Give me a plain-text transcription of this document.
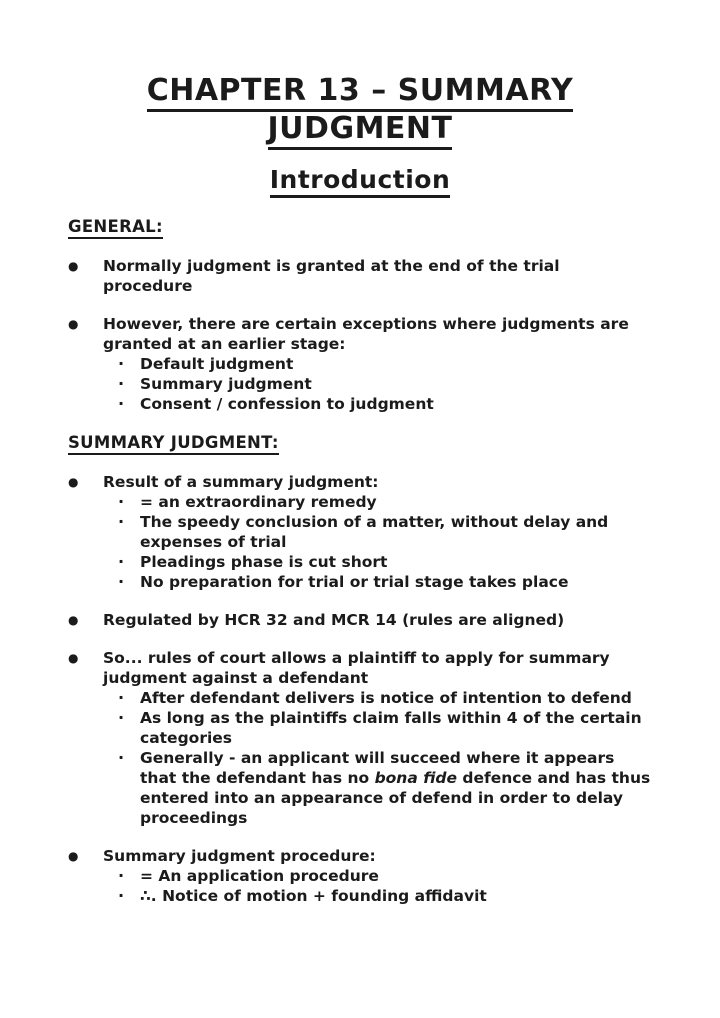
CHAPTER 13 – SUMMARY
JUDGMENT
Introduction
GENERAL:
●	Normally judgment is granted at the end of the trial procedure
●	However, there are certain exceptions where judgments are granted at an earlier stage:
·	Default judgment
·	Summary judgment
·	Consent / confession to judgment
SUMMARY JUDGMENT:
●	Result of a summary judgment:
·	= an extraordinary remedy
·	The speedy conclusion of a matter, without delay and expenses of trial
·	Pleadings phase is cut short
·	No preparation for trial or trial stage takes place
●	Regulated by HCR 32 and MCR 14 (rules are aligned)
●	So... rules of court allows a plaintiff to apply for summary judgment against a defendant
·	After defendant delivers is notice of intention to defend
·	As long as the plaintiffs claim falls within 4 of the certain categories
·	Generally - an applicant will succeed where it appears that the defendant has no bona fide defence and has thus entered into an appearance of defend in order to delay proceedings
●	Summary judgment procedure:
·	= An application procedure
·	∴. Notice of motion + founding affidavit
